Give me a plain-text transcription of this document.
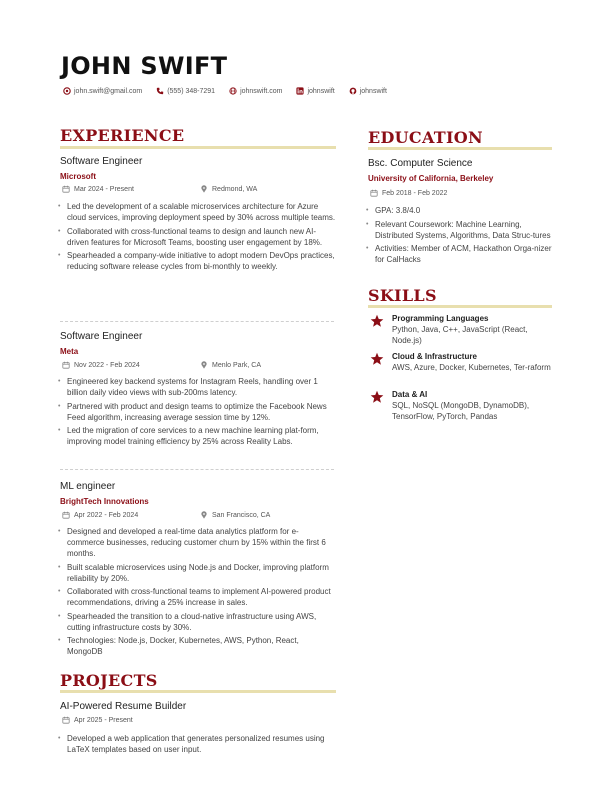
JOHN SWIFT
john.swift@gmail.com	(555) 348-7291	johnswift.com	johnswift	johnswift
EXPERIENCE
Software Engineer
Microsoft
Mar 2024 - Present	Redmond, WA
• Led the development of a scalable microservices architecture for Azure cloud services, improving deployment speed by 30% across multiple teams.
• Collaborated with cross-functional teams to design and launch new AI-driven features for Microsoft Teams, boosting user engagement by 18%.
• Spearheaded a company-wide initiative to adopt modern DevOps practices, reducing software release cycles from bi-monthly to weekly.
Software Engineer
Meta
Nov 2022 - Feb 2024	Menlo Park, CA
• Engineered key backend systems for Instagram Reels, handling over 1 billion daily video views with sub-200ms latency.
• Partnered with product and design teams to optimize the Facebook News Feed algorithm, increasing average session time by 12%.
• Led the migration of core services to a new machine learning plat-form, improving model training efficiency by 25% across Reality Labs.
ML engineer
BrightTech Innovations
Apr 2022 - Feb 2024	San Francisco, CA
• Designed and developed a real-time data analytics platform for e-commerce businesses, reducing customer churn by 15% within the first 6 months.
• Built scalable microservices using Node.js and Docker, improving platform reliability by 20%.
• Collaborated with cross-functional teams to implement AI-powered product recommendations, driving a 25% increase in sales.
• Spearheaded the transition to a cloud-native infrastructure using AWS, cutting infrastructure costs by 30%.
• Technologies: Node.js, Docker, Kubernetes, AWS, Python, React, MongoDB
PROJECTS
AI-Powered Resume Builder
Apr 2025 - Present
• Developed a web application that generates personalized resumes using LaTeX templates based on user input.
EDUCATION
Bsc. Computer Science
University of California, Berkeley
Feb 2018 - Feb 2022
• GPA: 3.8/4.0
• Relevant Coursework: Machine Learning, Distributed Systems, Algorithms, Data Struc-tures
• Activities: Member of ACM, Hackathon Orga-nizer for CalHacks
SKILLS
Programming Languages
Python, Java, C++, JavaScript (React, Node.js)
Cloud & Infrastructure
AWS, Azure, Docker, Kubernetes, Ter-raform
Data & AI
SQL, NoSQL (MongoDB, DynamoDB), TensorFlow, PyTorch, Pandas
